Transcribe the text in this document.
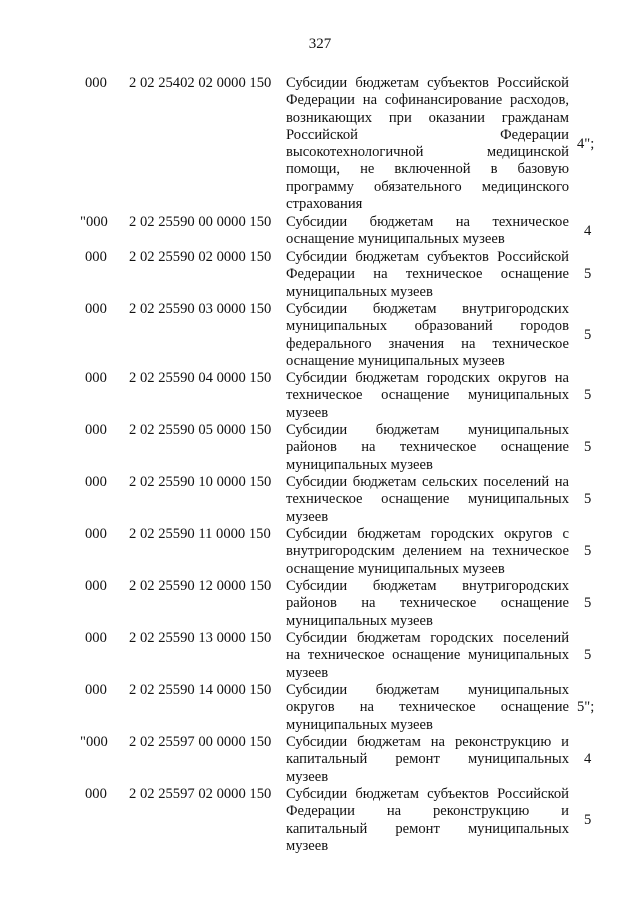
327
000 2 02 25402 02 0000 150 Субсидии бюджетам субъектов Российской
Федерации на софинансирование расходов,
возникающих при оказании гражданам
Российской Федерации
высокотехнологичной медицинской
помощи, не включенной в базовую
программу обязательного медицинского
страхования
4";
"000 2 02 25590 00 0000 150 Субсидии бюджетам на техническое
оснащение муниципальных музеев
4
000 2 02 25590 02 0000 150 Субсидии бюджетам субъектов Российской
Федерации на техническое оснащение
муниципальных музеев
5
000 2 02 25590 03 0000 150 Субсидии бюджетам внутригородских
муниципальных образований городов
федерального значения на техническое
оснащение муниципальных музеев
5
000 2 02 25590 04 0000 150 Субсидии бюджетам городских округов на
техническое оснащение муниципальных
музеев
5
000 2 02 25590 05 0000 150 Субсидии бюджетам муниципальных
районов на техническое оснащение
муниципальных музеев
5
000 2 02 25590 10 0000 150 Субсидии бюджетам сельских поселений на
техническое оснащение муниципальных
музеев
5
000 2 02 25590 11 0000 150 Субсидии бюджетам городских округов с
внутригородским делением на техническое
оснащение муниципальных музеев
5
000 2 02 25590 12 0000 150 Субсидии бюджетам внутригородских
районов на техническое оснащение
муниципальных музеев
5
000 2 02 25590 13 0000 150 Субсидии бюджетам городских поселений
на техническое оснащение муниципальных
музеев
5
000 2 02 25590 14 0000 150 Субсидии бюджетам муниципальных
округов на техническое оснащение
муниципальных музеев
5";
"000 2 02 25597 00 0000 150 Субсидии бюджетам на реконструкцию и
капитальный ремонт муниципальных
музеев
4
000 2 02 25597 02 0000 150 Субсидии бюджетам субъектов Российской
Федерации на реконструкцию и
капитальный ремонт муниципальных
музеев
5
